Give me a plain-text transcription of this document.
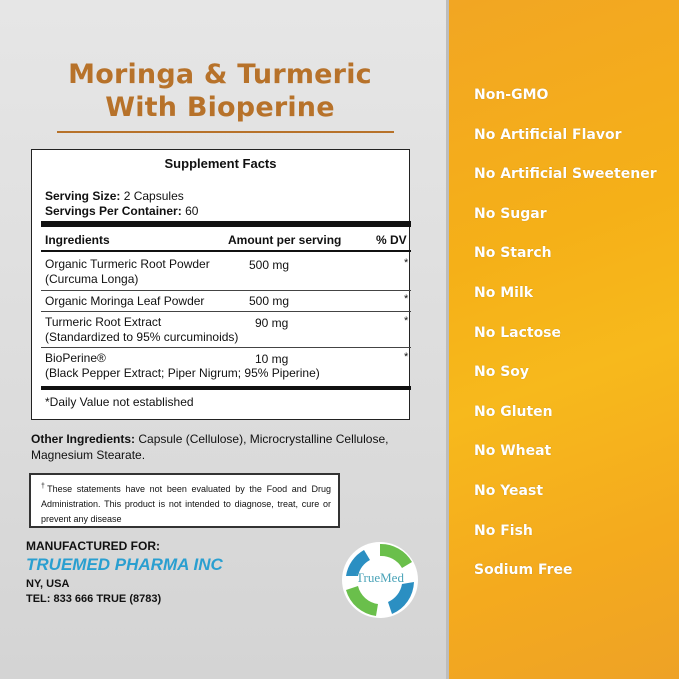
Moringa & Turmeric
With Bioperine
Supplement Facts
Serving Size: 2 Capsules
Servings Per Container: 60
Ingredients	Amount per serving	% DV
Organic Turmeric Root Powder
(Curcuma Longa)
500 mg	*
Organic Moringa Leaf Powder	500 mg	*
Turmeric Root Extract
(Standardized to 95% curcuminoids)
90 mg	*
BioPerine®
(Black Pepper Extract; Piper Nigrum; 95% Piperine)
10 mg	*
*Daily Value not established
Other Ingredients: Capsule (Cellulose), Microcrystalline Cellulose, Magnesium Stearate.
†These statements have not been evaluated by the Food and Drug Administration. This product is not intended to diagnose, treat, cure or prevent any disease
MANUFACTURED FOR:
TRUEMED PHARMA INC
NY, USA
TEL: 833 666 TRUE (8783)
TrueMed
Non-GMO
No Artificial Flavor
No Artificial Sweetener
No Sugar
No Starch
No Milk
No Lactose
No Soy
No Gluten
No Wheat
No Yeast
No Fish
Sodium Free
